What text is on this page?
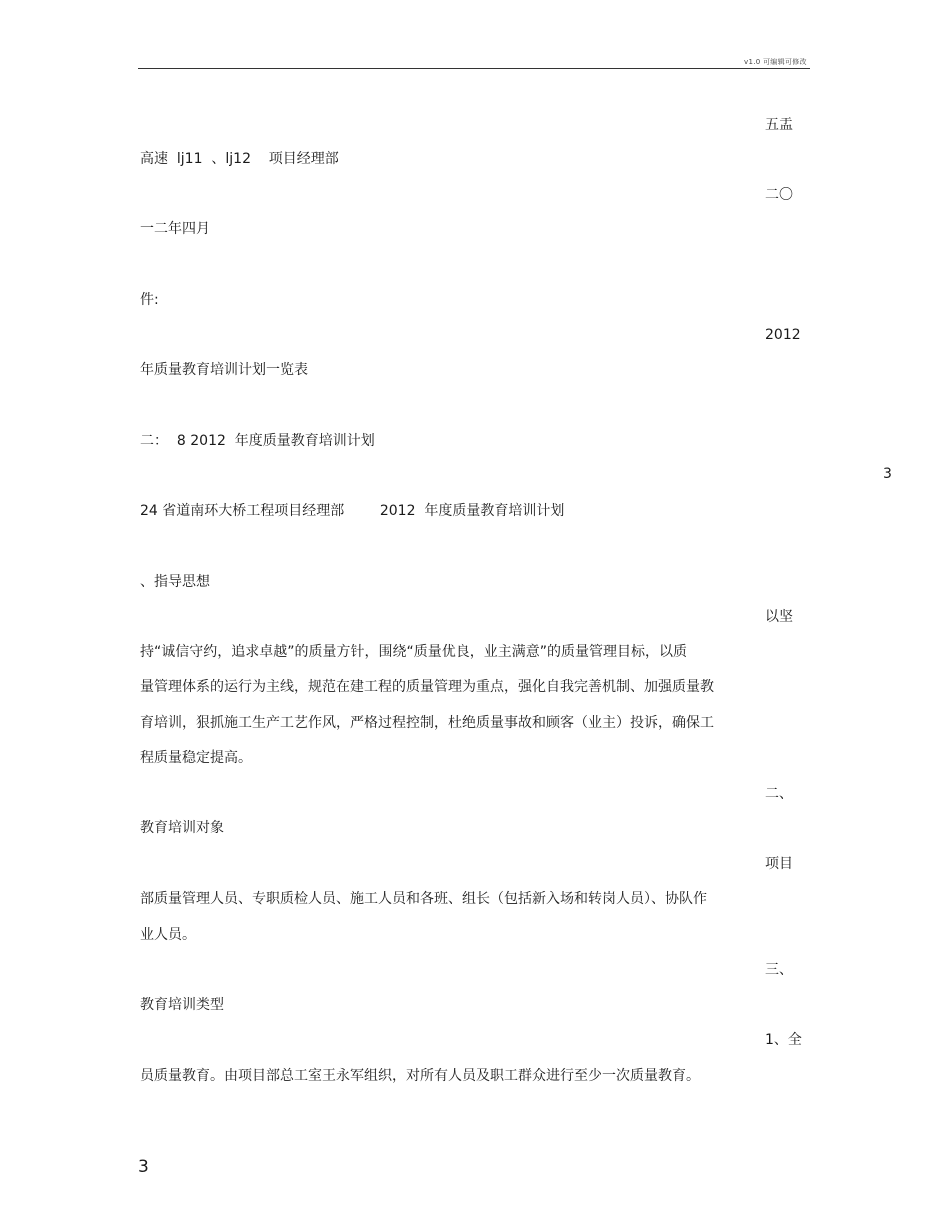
v1.0 可编辑可修改
五盂
高速  lj11  、lj12    项目经理部
二〇
一二年四月
件:
2012
年质量教育培训计划一览表
二：  8 2012  年度质量教育培训计划
3
24 省道南环大桥工程项目经理部        2012  年度质量教育培训计划
、指导思想
以坚
持“诚信守约，追求卓越”的质量方针，围绕“质量优良，业主满意”的质量管理目标，以质
量管理体系的运行为主线，规范在建工程的质量管理为重点，强化自我完善机制、加强质量教
育培训，狠抓施工生产工艺作风，严格过程控制，杜绝质量事故和顾客（业主）投诉，确保工
程质量稳定提高。
二、
教育培训对象
项目
部质量管理人员、专职质检人员、施工人员和各班、组长（包括新入场和转岗人员）、协队作
业人员。
三、
教育培训类型
1、全
员质量教育。由项目部总工室王永军组织，对所有人员及职工群众进行至少一次质量教育。
3
